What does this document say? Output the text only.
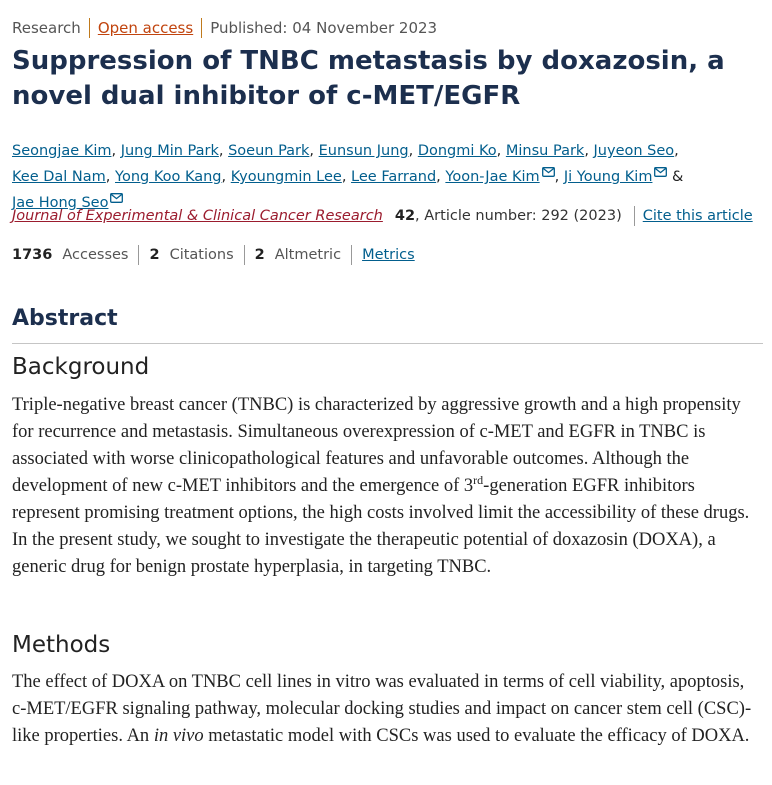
Research Open access Published: 04 November 2023
Suppression of TNBC metastasis by doxazosin, a novel dual inhibitor of c-MET/EGFR
Seongjae Kim, Jung Min Park, Soeun Park, Eunsun Jung, Dongmi Ko, Minsu Park, Juyeon Seo, Kee Dal Nam, Yong Koo Kang, Kyoungmin Lee, Lee Farrand, Yoon-Jae Kim , Ji Young Kim & Jae Hong Seo
Journal of Experimental & Clinical Cancer Research 42 , Article number: 292 (2023) Cite this article
1736 Accesses 2 Citations 2 Altmetric Metrics
Abstract
Background

Triple-negative breast cancer (TNBC) is characterized by aggressive growth and a high propensity for recurrence and metastasis. Simultaneous overexpression of c-MET and EGFR in TNBC is associated with worse clinicopathological features and unfavorable outcomes. Although the development of new c-MET inhibitors and the emergence of 3rd-generation EGFR inhibitors represent promising treatment options, the high costs involved limit the accessibility of these drugs. In the present study, we sought to investigate the therapeutic potential of doxazosin (DOXA), a generic drug for benign prostate hyperplasia, in targeting TNBC.

Methods

The effect of DOXA on TNBC cell lines in vitro was evaluated in terms of cell viability, apoptosis, c-MET/EGFR signaling pathway, molecular docking studies and impact on cancer stem cell (CSC)-like properties. An in vivo metastatic model with CSCs was used to evaluate the efficacy of DOXA.
